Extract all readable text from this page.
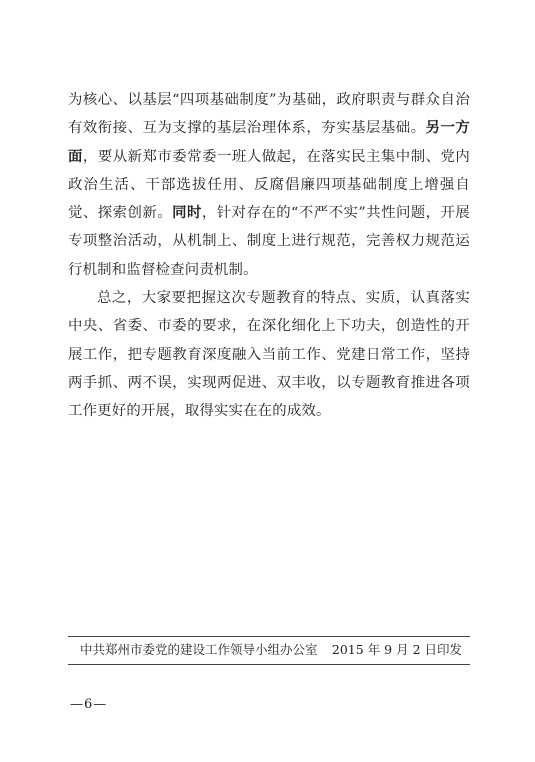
为核心、以基层“四项基础制度”为基础，政府职责与群众自治有效衔接、互为支撑的基层治理体系，夯实基层基础。另一方面，要从新郑市委常委一班人做起，在落实民主集中制、党内政治生活、干部选拔任用、反腐倡廉四项基础制度上增强自觉、探索创新。同时，针对存在的“不严不实”共性问题，开展专项整治活动，从机制上、制度上进行规范，完善权力规范运行机制和监督检查问责机制。

总之，大家要把握这次专题教育的特点、实质，认真落实中央、省委、市委的要求，在深化细化上下功夫，创造性的开展工作，把专题教育深度融入当前工作、党建日常工作，坚持两手抓、两不误，实现两促进、双丰收，以专题教育推进各项工作更好的开展，取得实实在在的成效。

中共郑州市委党的建设工作领导小组办公室 2015 年 9 月 2 日印发
—6—
